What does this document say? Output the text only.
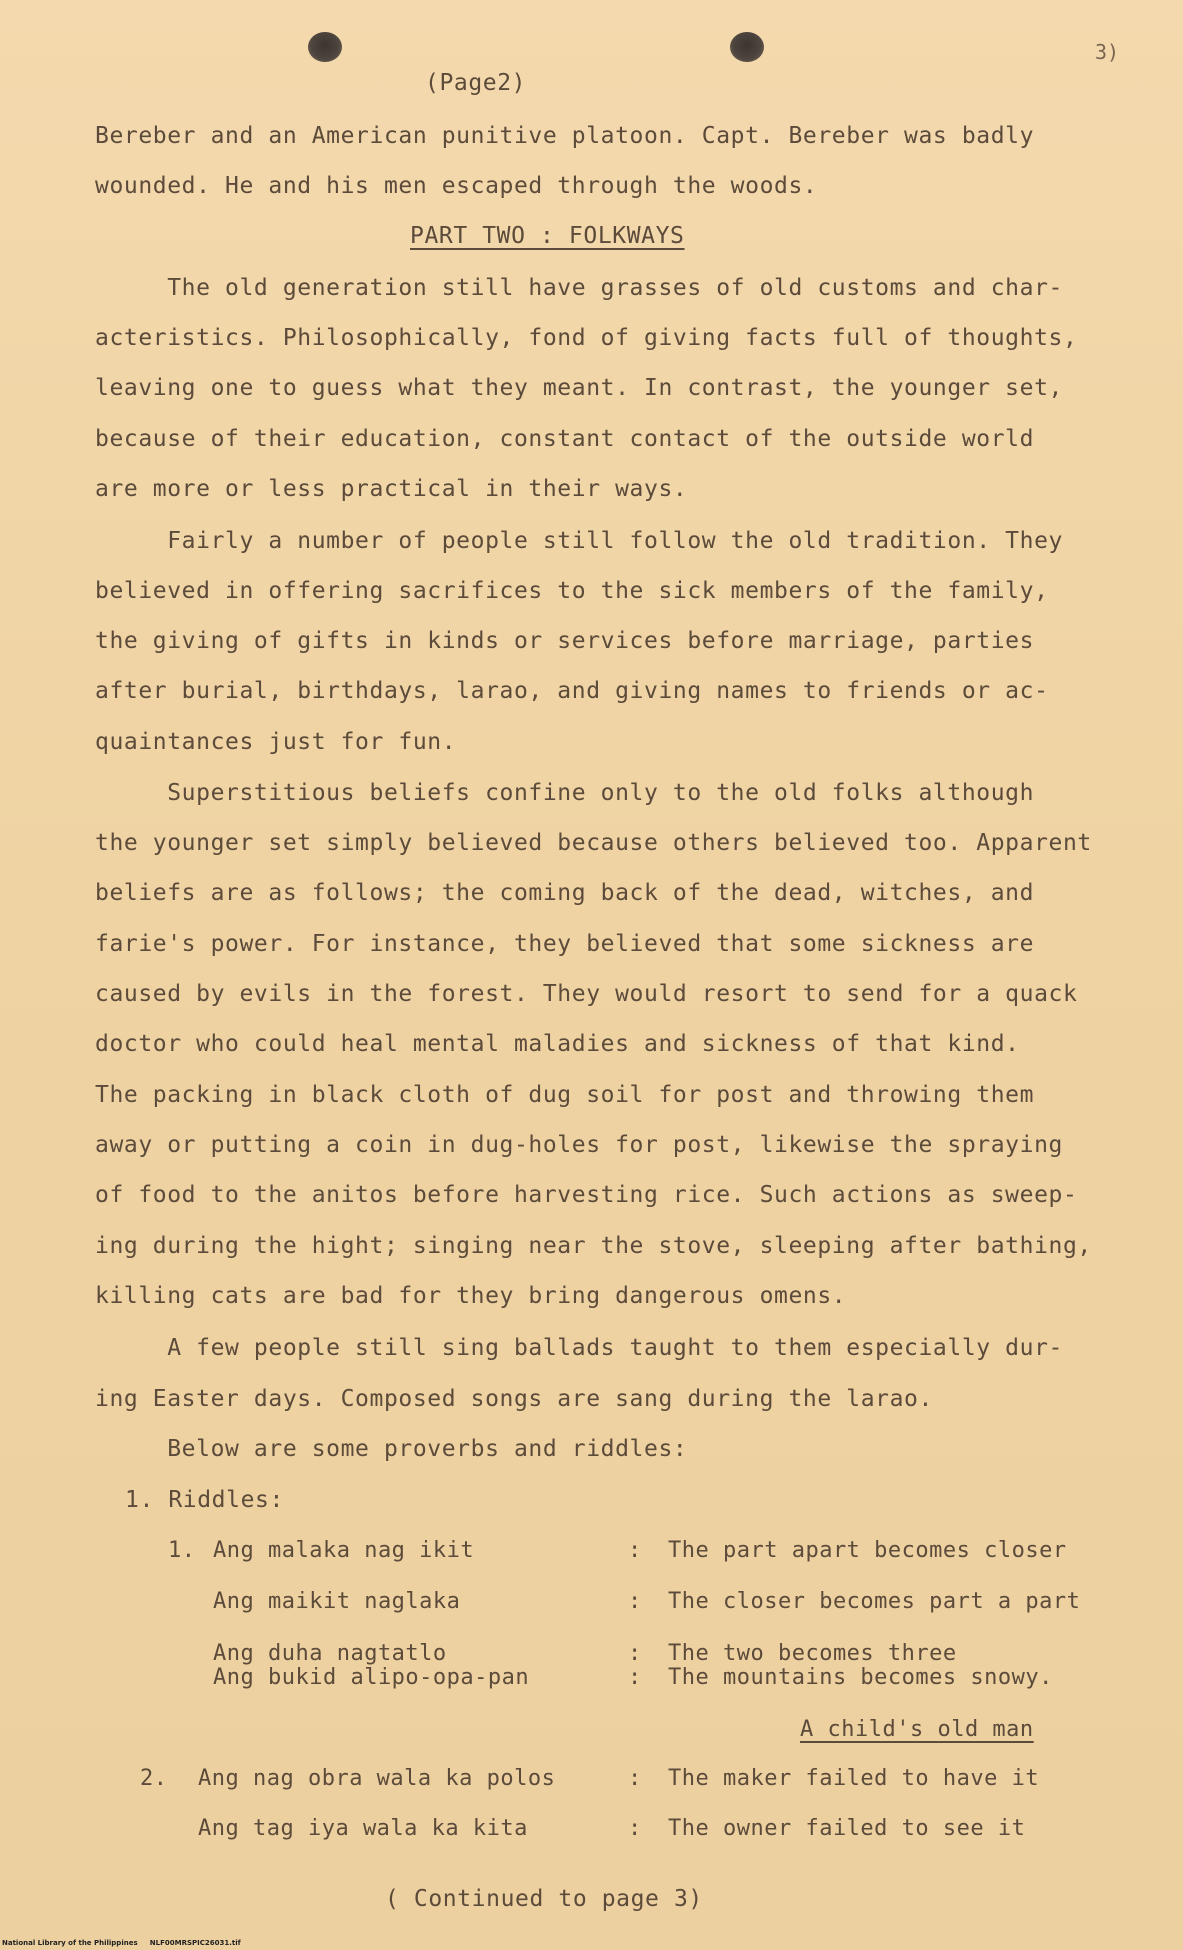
3)
(Page2)
Bereber and an American punitive platoon. Capt. Bereber was badly
wounded. He and his men escaped through the woods.
PART TWO : FOLKWAYS
The old generation still have grasses of old customs and char-
acteristics. Philosophically, fond of giving facts full of thoughts,
leaving one to guess what they meant. In contrast, the younger set,
because of their education, constant contact of the outside world
are more or less practical in their ways.
Fairly a number of people still follow the old tradition. They
believed in offering sacrifices to the sick members of the family,
the giving of gifts in kinds or services before marriage, parties
after burial, birthdays, larao, and giving names to friends or ac-
quaintances just for fun.
Superstitious beliefs confine only to the old folks although
the younger set simply believed because others believed too. Apparent
beliefs are as follows; the coming back of the dead, witches, and
farie's power. For instance, they believed that some sickness are
caused by evils in the forest. They would resort to send for a quack
doctor who could heal mental maladies and sickness of that kind.
The packing in black cloth of dug soil for post and throwing them
away or putting a coin in dug-holes for post, likewise the spraying
of food to the anitos before harvesting rice. Such actions as sweep-
ing during the hight; singing near the stove, sleeping after bathing,
killing cats are bad for they bring dangerous omens.
A few people still sing ballads taught to them especially dur-
ing Easter days. Composed songs are sang during the larao.
Below are some proverbs and riddles:
1. Riddles:
1. Ang malaka nag ikit	: The part apart becomes closer
Ang maikit naglaka	: The closer becomes part a part
Ang duha nagtatlo	: The two becomes three
Ang bukid alipo-opa-pan	: The mountains becomes snowy.
A child's old man
2. Ang nag obra wala ka polos	: The maker failed to have it
Ang tag iya wala ka kita	: The owner failed to see it
( Continued to page 3)
National Library of the Philippines     NLF00MRSPIC26031.tif
